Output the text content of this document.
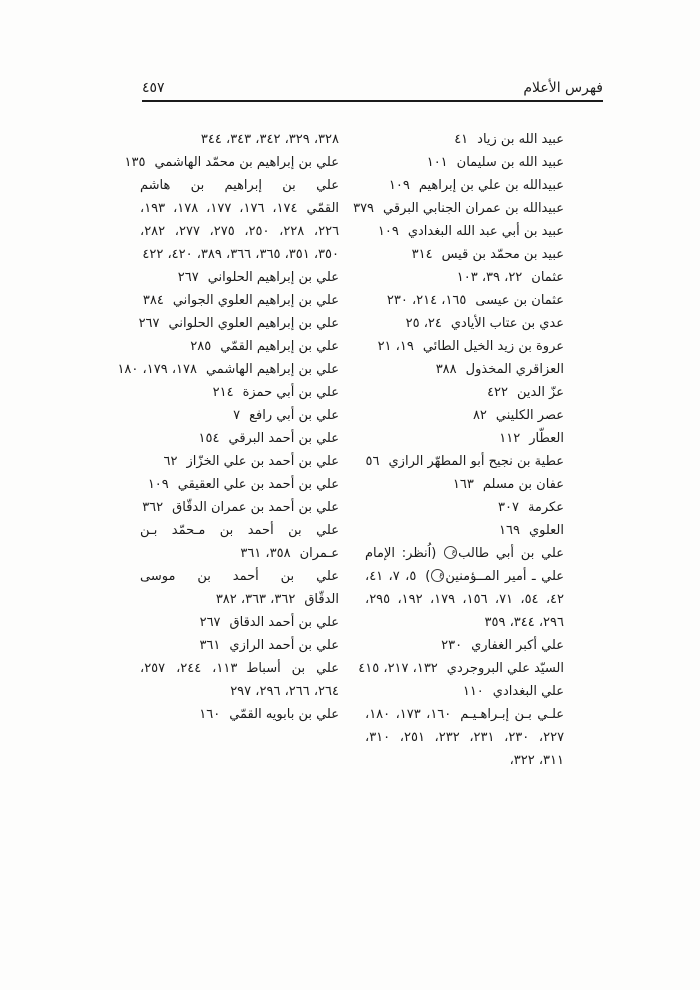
٤٥٧	فهرس الأعلام
٣٢٨، ٣٢٩، ٣٤٢، ٣٤٣، ٣٤٤
علي بن إبراهيم بن محمّد الهاشمي١٣٥
علي بن إبراهيم بن هاشم القمّي١٧٤، ١٧٦، ١٧٧، ١٧٨، ١٩٣، ٢٢٦، ٢٢٨، ٢٥٠، ٢٧٥، ٢٧٧، ٢٨٢، ٣٥٠، ٣٥١، ٣٦٥، ٣٦٦، ٣٨٩، ٤٢٠، ٤٢٢
علي بن إبراهيم الحلواني٢٦٧
علي بن إبراهيم العلوي الجواني٣٨٤
علي بن إبراهيم العلوي الحلواني٢٦٧
علي بن إبراهيم القمّي٢٨٥
علي بن إبراهيم الهاشمي١٧٨، ١٧٩، ١٨٠
علي بن أبي حمزة٢١٤
علي بن أبي رافع٧
علي بن أحمد البرقي١٥٤
علي بن أحمد بن علي الخزّاز٦٢
علي بن أحمد بن علي العقيقي١٠٩
علي بن أحمد بن عمران الدقّاق٣٦٢
علي بن أحمد بن مـحمّد بـن عـمران٣٥٨، ٣٦١
علي بن أحمد بن موسى الدقّاق٣٦٢، ٣٦٣، ٣٨٢
علي بن أحمد الدقاق٢٦٧
علي بن أحمد الرازي٣٦١
علي بن أسباط١١٣، ٢٤٤، ٢٥٧، ٢٦٤، ٢٦٦، ٢٩٦، ٢٩٧
علي بن بابويه القمّي١٦٠
عبيد الله بن زياد٤١
عبيد الله بن سليمان١٠١
عبيدالله بن علي بن إبراهيم١٠٩
عبيدالله بن عمران الجنابي البرقي٣٧٩
عبيد بن أبي عبد الله البغدادي١٠٩
عبيد بن محمّد بن قيس٣١٤
عثمان٢٢، ٣٩، ١٠٣
عثمان بن عيسى١٦٥، ٢١٤، ٢٣٠
عدي بن عتاب الأيادي٢٤، ٢٥
عروة بن زيد الخيل الطائي١٩، ٢١
العزاقري المخذول٣٨٨
عزّ الدين٤٢٢
عصر الكليني٨٢
العطّار١١٢
عطية بن نجيح أبو المطهّر الرازي٥٦
عفان بن مسلم١٦٣
عكرمة٣٠٧
العلوي١٦٩
علي بن أبي طالبع (اُنظر: الإمام علي ـ أمير المــؤمنينع)٥، ٧، ٤١، ٤٢، ٥٤، ٧١، ١٥٦، ١٧٩، ١٩٢، ٢٩٥، ٢٩٦، ٣٤٤، ٣٥٩
علي أكبر الغفاري٢٣٠
السيّد علي البروجردي١٣٢، ٢١٧، ٤١٥
علي البغدادي١١٠
علـي بـن إبـراهـيـم١٦٠، ١٧٣، ١٨٠، ٢٢٧، ٢٣٠، ٢٣١، ٢٣٢، ٢٥١، ٣١٠، ٣١١، ٣٢٢،
